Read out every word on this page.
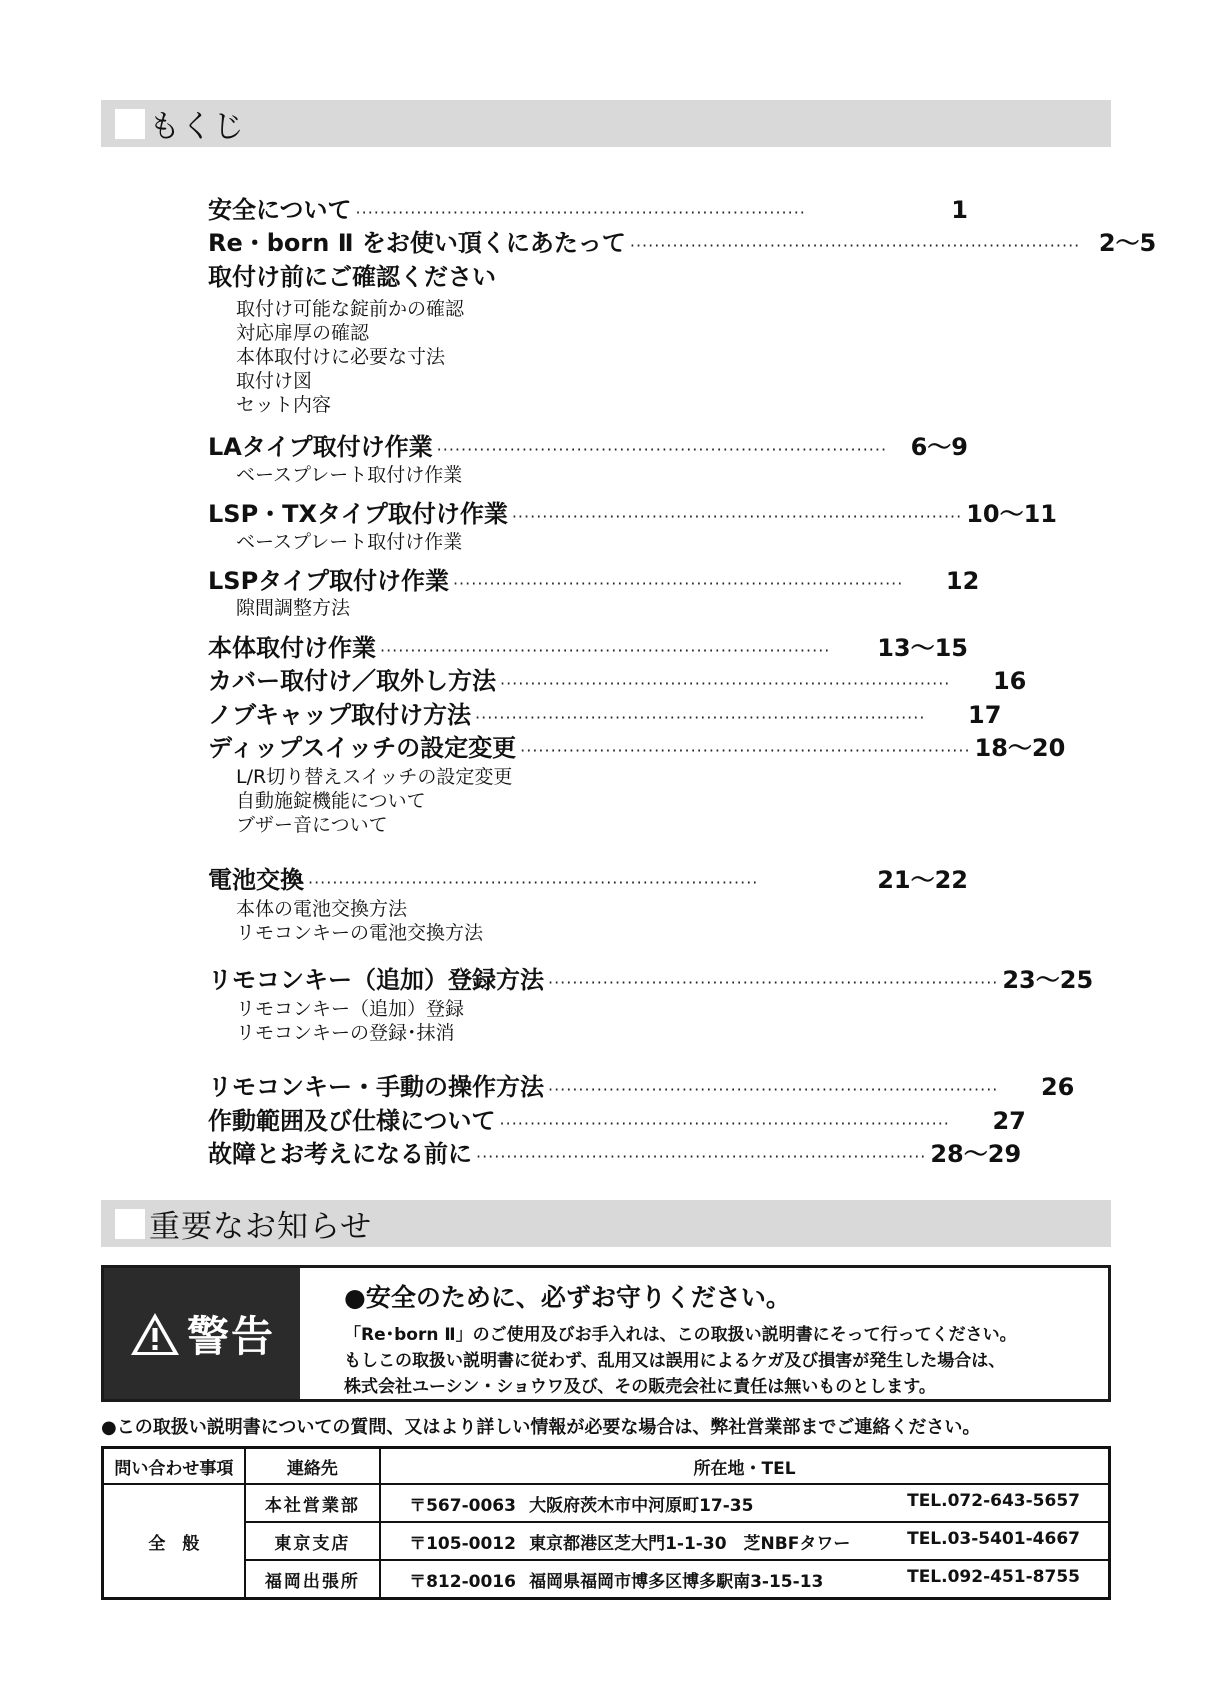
もくじ
安全について ··········································································	1
Re・born Ⅱ をお使い頂くにあたって ·········································································· 2～5
取付け前にご確認ください
取付け可能な錠前かの確認
対応扉厚の確認
本体取付けに必要な寸法
取付け図
セット内容
LAタイプ取付け作業 ·········································································· 6～9
ベースプレート取付け作業
LSP・TXタイプ取付け作業 ·········································································· 10～11
ベースプレート取付け作業
LSPタイプ取付け作業 ··········································································	12
隙間調整方法
本体取付け作業 ··········································································	13～15
カバー取付け／取外し方法 ··········································································	16
ノブキャップ取付け方法 ··········································································	17
ディップスイッチの設定変更 ·········································································· 18～20
L/R切り替えスイッチの設定変更
自動施錠機能について
ブザー音について
電池交換 ··········································································	21～22
本体の電池交換方法
リモコンキーの電池交換方法
リモコンキー（追加）登録方法 ·········································································· 23～25
リモコンキー（追加）登録
リモコンキーの登録･抹消
リモコンキー・手動の操作方法 ··········································································	26
作動範囲及び仕様について ··········································································	27
故障とお考えになる前に ·········································································· 28～29
重要なお知らせ
警告
●安全のために、必ずお守りください。
「Re･born Ⅱ」のご使用及びお手入れは、この取扱い説明書にそって行ってください。
もしこの取扱い説明書に従わず、乱用又は誤用によるケガ及び損害が発生した場合は、
株式会社ユーシン・ショウワ及び、その販売会社に責任は無いものとします。
●この取扱い説明書についての質問、又はより詳しい情報が必要な場合は、弊社営業部までご連絡ください。
問い合わせ事項	連絡先	所在地・TEL
全　般	本社営業部	〒567-0063 大阪府茨木市中河原町17-35 TEL.072-643-5657

	東京支店	〒105-0012 東京都港区芝大門1-1-30　芝NBFタワー TEL.03-5401-4667

	福岡出張所	〒812-0016 福岡県福岡市博多区博多駅南3-15-13 TEL.092-451-8755
